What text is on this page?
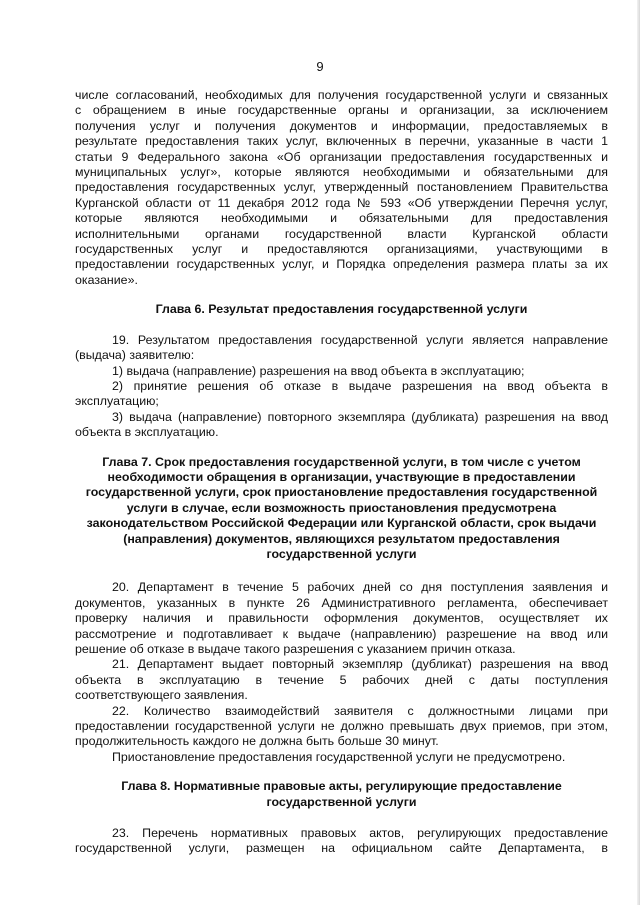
9

числе согласований, необходимых для получения государственной услуги и связанных

с обращением в иные государственные органы и организации, за исключением

получения услуг и получения документов и информации, предоставляемых в

результате предоставления таких услуг, включенных в перечни, указанные в части 1

статьи 9 Федерального закона «Об организации предоставления государственных и

муниципальных услуг», которые являются необходимыми и обязательными для

предоставления государственных услуг, утвержденный постановлением Правительства

Курганской области от 11 декабря 2012 года № 593 «Об утверждении Перечня услуг,

которые являются необходимыми и обязательными для предоставления

исполнительными органами государственной власти Курганской области

государственных услуг и предоставляются организациями, участвующими в

предоставлении государственных услуг, и Порядка определения размера платы за их

оказание».

Глава 6. Результат предоставления государственной услуги

19. Результатом предоставления государственной услуги является направление

(выдача) заявителю:

1) выдача (направление) разрешения на ввод объекта в эксплуатацию;

2) принятие решения об отказе в выдаче разрешения на ввод объекта в

эксплуатацию;

3) выдача (направление) повторного экземпляра (дубликата) разрешения на ввод

объекта в эксплуатацию.

Глава 7. Срок предоставления государственной услуги, в том числе с учетом
необходимости обращения в организации, участвующие в предоставлении
государственной услуги, срок приостановление предоставления государственной
услуги в случае, если возможность приостановления предусмотрена
законодательством Российской Федерации или Курганской области, срок выдачи
(направления) документов, являющихся результатом предоставления
государственной услуги

20. Департамент в течение 5 рабочих дней со дня поступления заявления и

документов, указанных в пункте 26 Административного регламента, обеспечивает

проверку наличия и правильности оформления документов, осуществляет их

рассмотрение и подготавливает к выдаче (направлению) разрешение на ввод или

решение об отказе в выдаче такого разрешения с указанием причин отказа.

21. Департамент выдает повторный экземпляр (дубликат) разрешения на ввод

объекта в эксплуатацию в течение 5 рабочих дней с даты поступления

соответствующего заявления.

22. Количество взаимодействий заявителя с должностными лицами при

предоставлении государственной услуги не должно превышать двух приемов, при этом,

продолжительность каждого не должна быть больше 30 минут.

Приостановление предоставления государственной услуги не предусмотрено.

Глава 8. Нормативные правовые акты, регулирующие предоставление
государственной услуги

23. Перечень нормативных правовых актов, регулирующих предоставление

государственной услуги, размещен на официальном сайте Департамента, в
